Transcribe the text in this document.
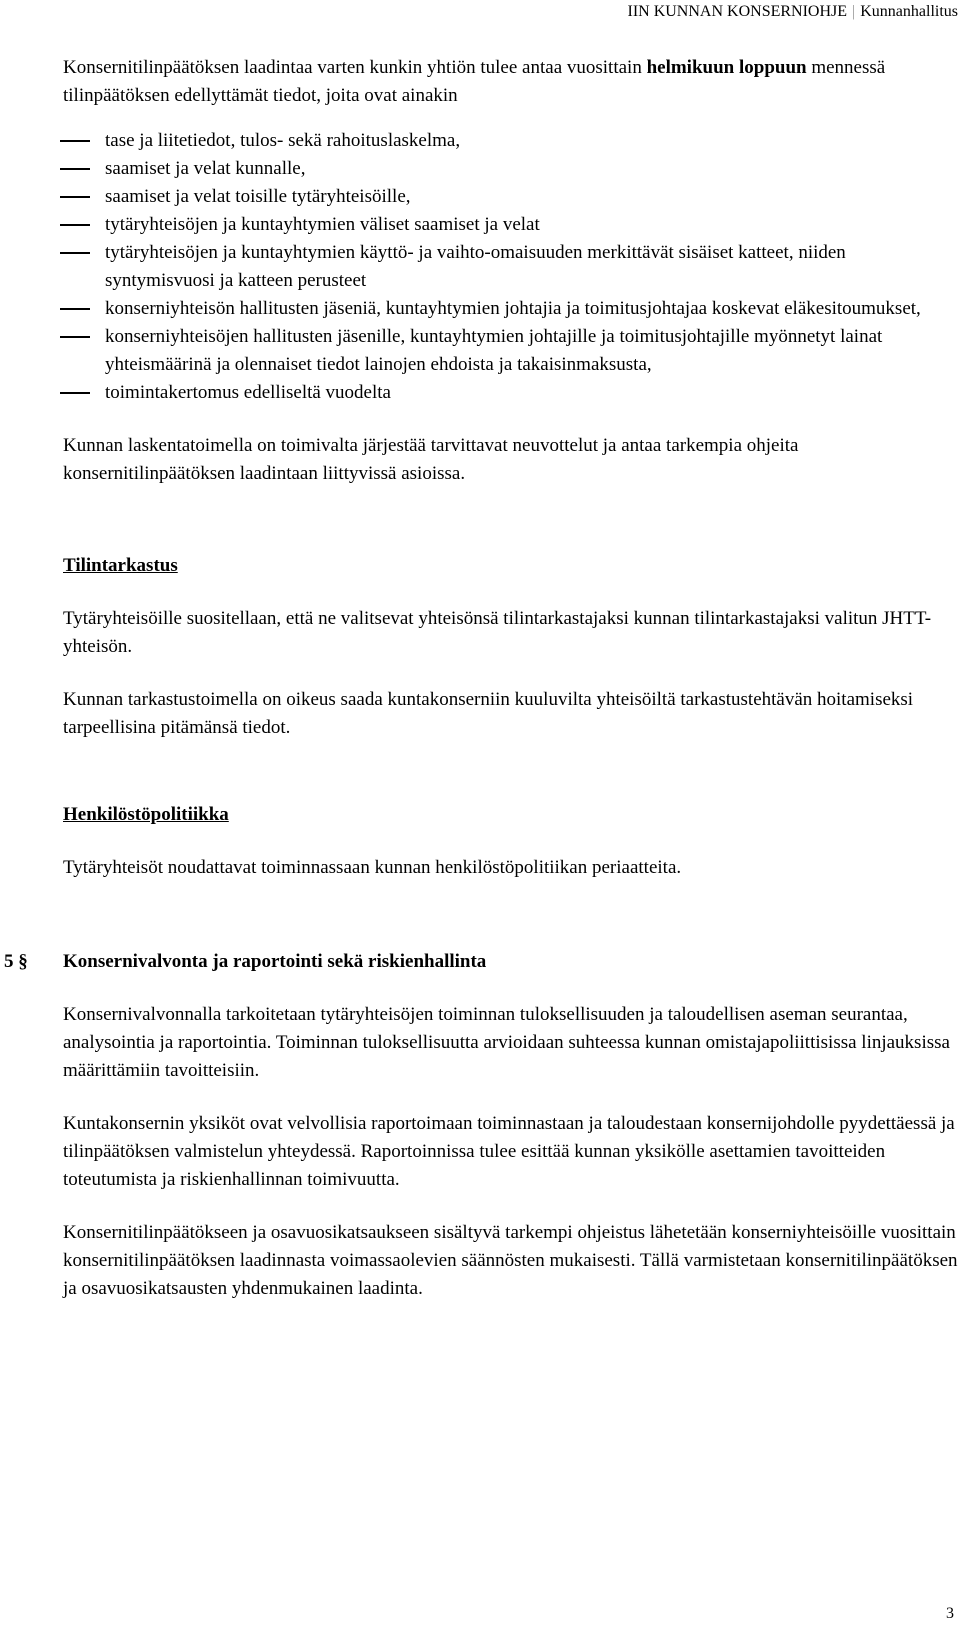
IIN KUNNAN KONSERNIOHJE | Kunnanhallitus

Konsernitilinpäätöksen laadintaa varten kunkin yhtiön tulee antaa vuosittain helmikuun loppuun mennessä tilinpäätöksen edellyttämät tiedot, joita ovat ainakin

tase ja liitetiedot, tulos- sekä rahoituslaskelma,
saamiset ja velat kunnalle,
saamiset ja velat toisille tytäryhteisöille,
tytäryhteisöjen ja kuntayhtymien väliset saamiset ja velat
tytäryhteisöjen ja kuntayhtymien käyttö- ja vaihto-omaisuuden merkittävät sisäiset katteet, niiden syntymisvuosi ja katteen perusteet
konserniyhteisön hallitusten jäseniä, kuntayhtymien johtajia ja toimitusjohtajaa koskevat eläkesitoumukset,
konserniyhteisöjen hallitusten jäsenille, kuntayhtymien johtajille ja toimitusjohtajille myönnetyt lainat yhteismäärinä ja olennaiset tiedot lainojen ehdoista ja takaisinmaksusta,
toimintakertomus edelliseltä vuodelta

Kunnan laskentatoimella on toimivalta järjestää tarvittavat neuvottelut ja antaa tarkempia ohjeita konsernitilinpäätöksen laadintaan liittyvissä asioissa.

Tilintarkastus

Tytäryhteisöille suositellaan, että ne valitsevat yhteisönsä tilintarkastajaksi kunnan tilintarkastajaksi valitun JHTT-yhteisön.

Kunnan tarkastustoimella on oikeus saada kuntakonserniin kuuluvilta yhteisöiltä tarkastustehtävän hoitamiseksi tarpeellisina pitämänsä tiedot.

Henkilöstöpolitiikka

Tytäryhteisöt noudattavat toiminnassaan kunnan henkilöstöpolitiikan periaatteita.

5 §	Konsernivalvonta ja raportointi sekä riskienhallinta

Konsernivalvonnalla tarkoitetaan tytäryhteisöjen toiminnan tuloksellisuuden ja taloudellisen aseman seurantaa, analysointia ja raportointia. Toiminnan tuloksellisuutta arvioidaan suhteessa kunnan omistajapoliittisissa linjauksissa määrittämiin tavoitteisiin.

Kuntakonsernin yksiköt ovat velvollisia raportoimaan toiminnastaan ja taloudestaan konsernijohdolle pyydettäessä ja tilinpäätöksen valmistelun yhteydessä. Raportoinnissa tulee esittää kunnan yksikölle asettamien tavoitteiden toteutumista ja riskienhallinnan toimivuutta.

Konsernitilinpäätökseen ja osavuosikatsaukseen sisältyvä tarkempi ohjeistus lähetetään konserniyhteisöille vuosittain konsernitilinpäätöksen laadinnasta voimassaolevien säännösten mukaisesti. Tällä varmistetaan konsernitilinpäätöksen ja osavuosikatsausten yhdenmukainen laadinta.

3
